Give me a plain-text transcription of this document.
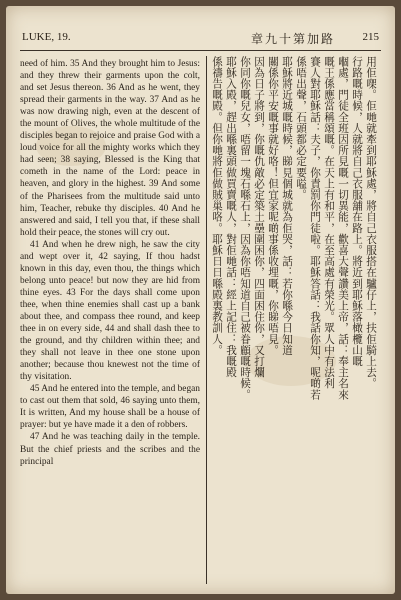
LUKE, 19.	章九十第加路	215

need of him. 35 And they brought him to Jesus: and they threw their garments upon the colt, and set Jesus thereon. 36 And as he went, they spread their garments in the way. 37 And as he was now drawing nigh, even at the descent of the mount of Olives, the whole multitude of the disciples began to rejoice and praise God with a loud voice for all the mighty works which they had seen; 38 saying, Blessed is the King that cometh in the name of the Lord: peace in heaven, and glory in the highest. 39 And some of the Pharisees from the multitude said unto him, Teacher, rebuke thy disciples. 40 And he answered and said, I tell you that, if these shall hold their peace, the stones will cry out.

41 And when he drew nigh, he saw the city and wept over it, 42 saying, If thou hadst known in this day, even thou, the things which belong unto peace! but now they are hid from thine eyes. 43 For the days shall come upon thee, when thine enemies shall cast up a bank about thee, and compass thee round, and keep thee in on every side, 44 and shall dash thee to the ground, and thy children within thee; and they shall not leave in thee one stone upon another; because thou knewest not the time of thy visitation.

45 And he entered into the temple, and began to cast out them that sold, 46 saying unto them, It is written, And my house shall be a house of prayer: but ye have made it a den of robbers.

47 And he was teaching daily in the temple. But the chief priests and the scribes and the principal

用佢㗎。佢哋就牽到耶穌處，將自己衣服搭在驢仔上，扶佢騎上去。
行路嘅時候，人就將自己衣服舖在路上。將近到耶穌落橄欖山嘅
嗰處，門徒全班因所見嘅一切異能，歡喜大聲讚美上帝，話：奉主名來
嘅王係應當稱頌嘅。在天上有和平，在至高處有榮光。眾人中有法利
賽人對耶穌話：夫子，你責罰你門徒啦。耶穌答話：我話你知，呢啲若
係唔出聲，石頭都必定要嗌。
耶穌將近城嘅時候，睇見個城就為佢哭，話：若你喺今日知道
關係你平安嘅事就好咯！但宜家呢啲事係收埋嘅，你睇唔見。
因為日子將到，你嘅仇敵必定築土壘圍困你，四面困住你，又打爛
你同你嘅兒女，唔留一塊石喺石上，因為你唔知道自己被眷顧嘅時候。
耶穌入殿，趕出喺裏頭做買賣嘅人，對佢哋話：經上記住：我嘅殿
係禱告嘅殿。但你哋將佢做賊巢咯。耶穌日日喺殿裏教訓人。
